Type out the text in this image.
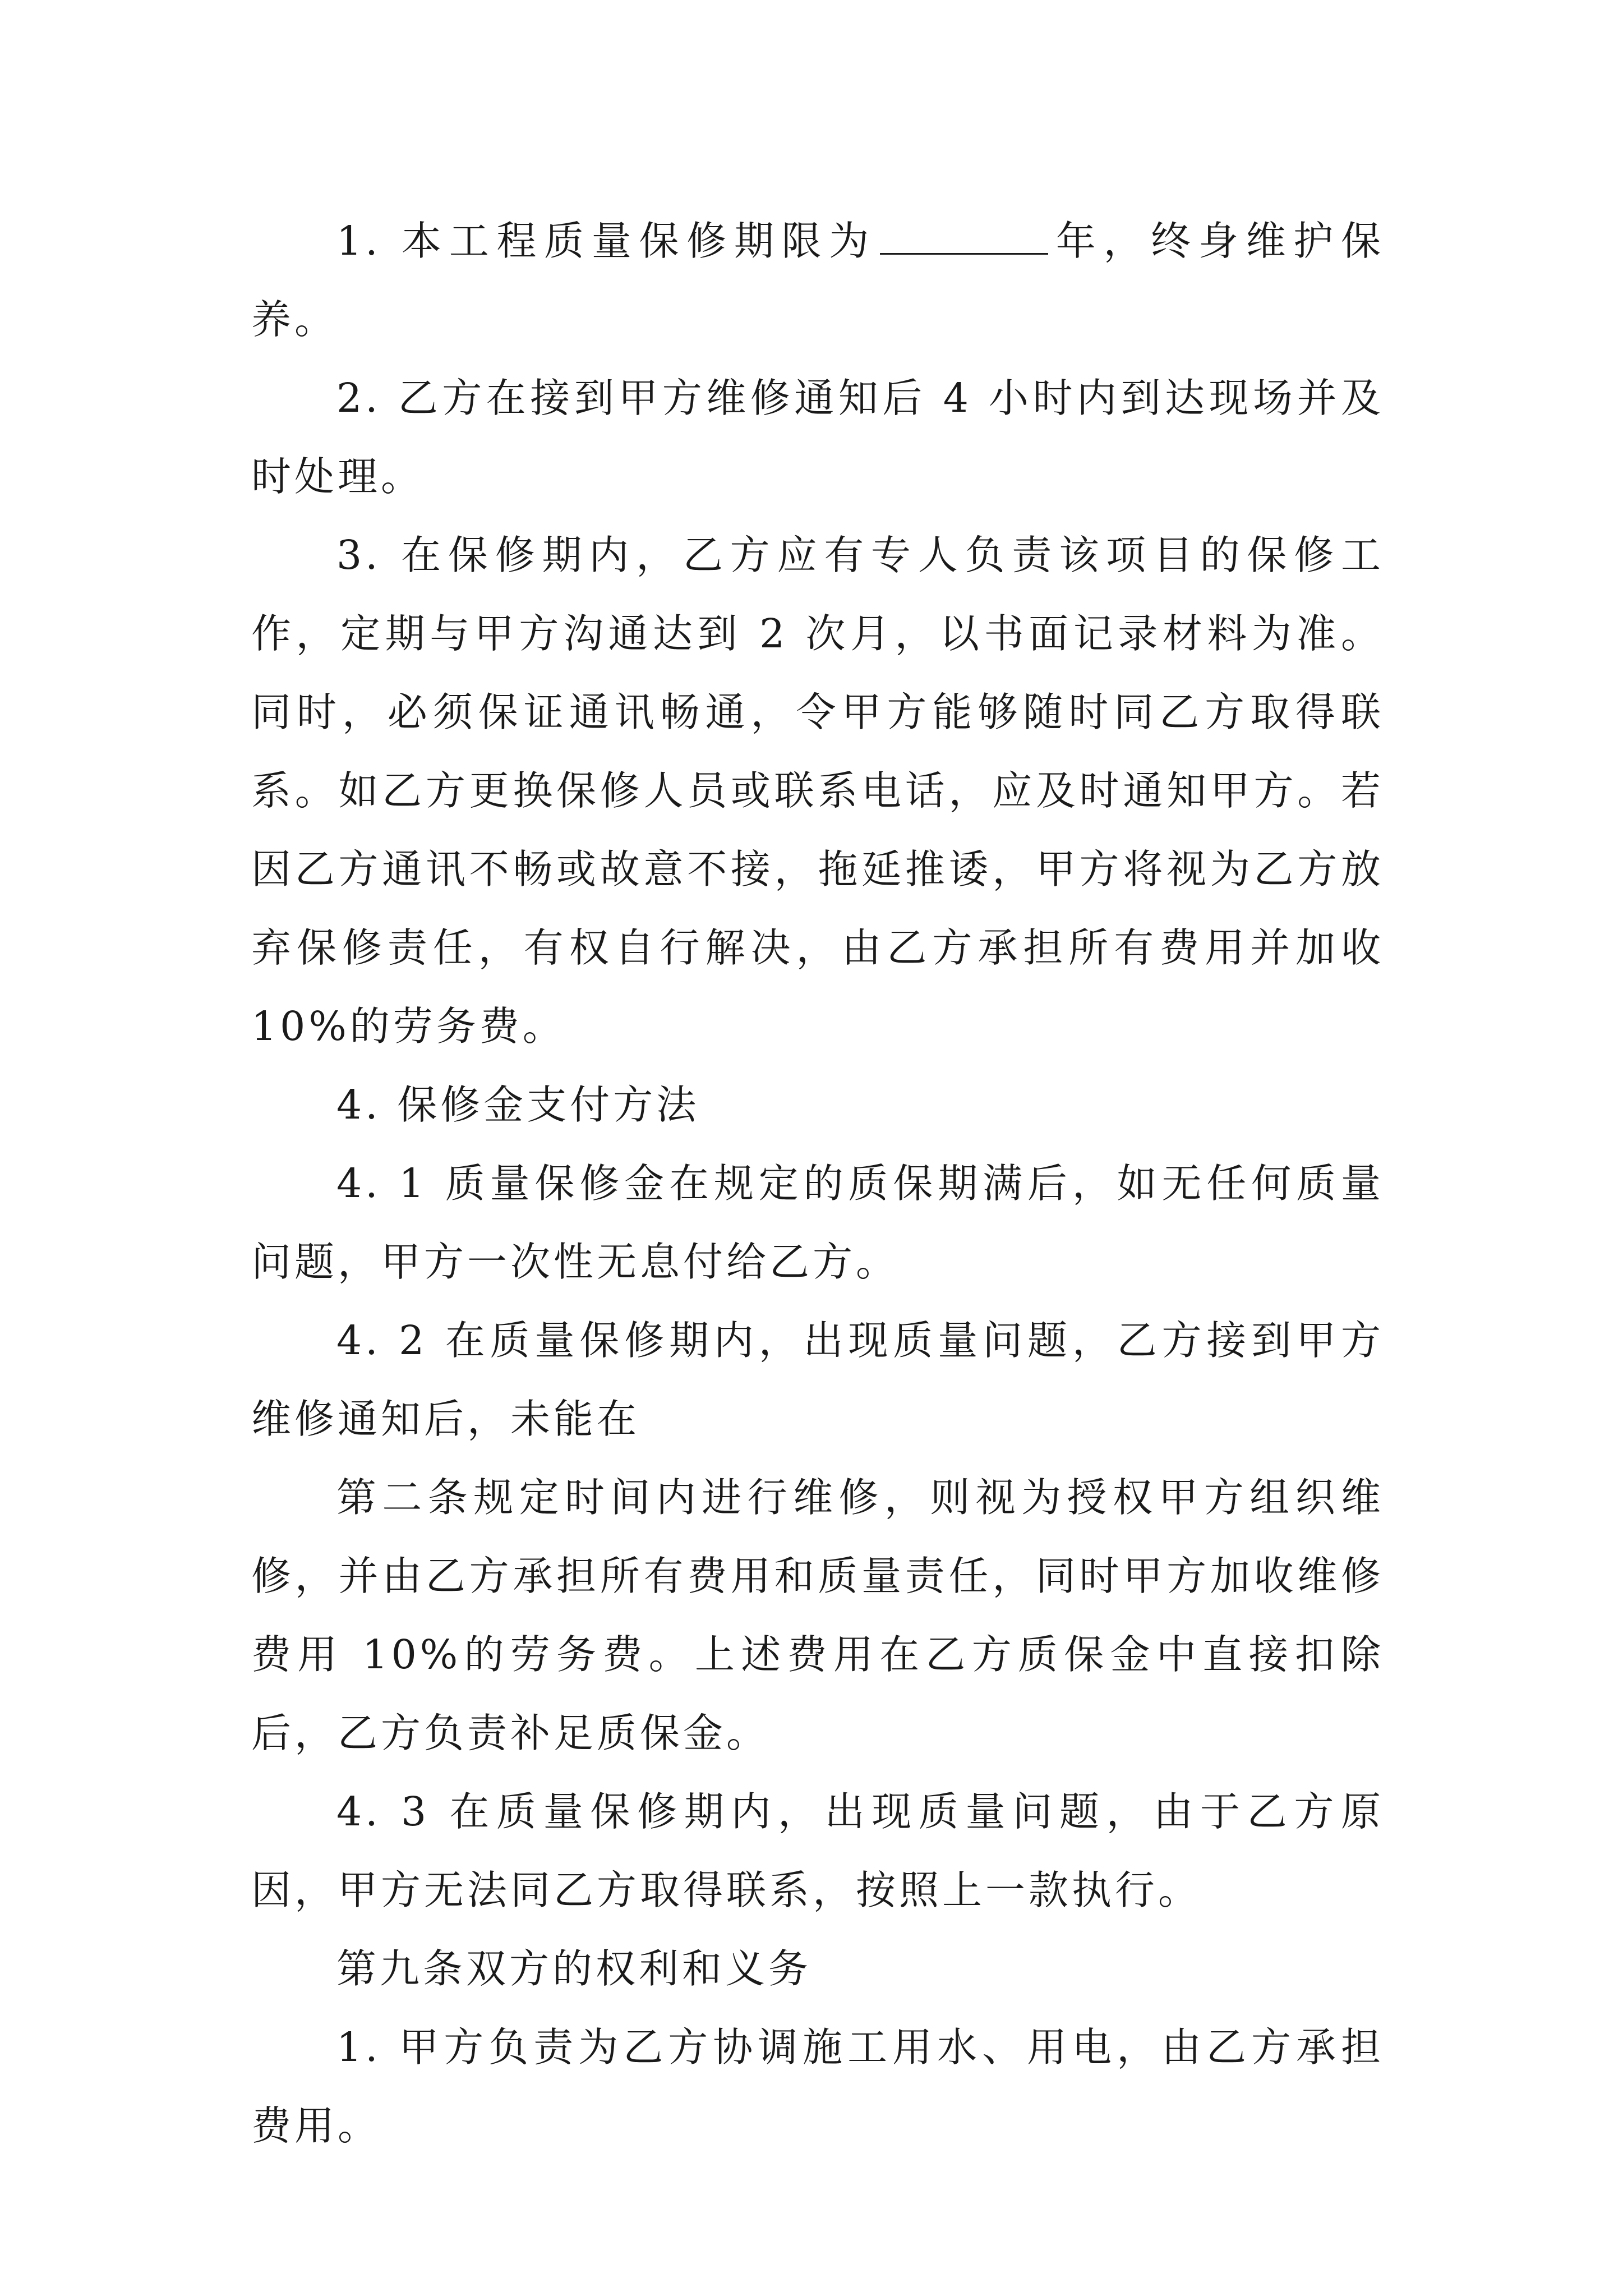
1. 本工程质量保修期限为	年，终身维护保养。

2. 乙方在接到甲方维修通知后 4 小时内到达现场并及时处理。

3. 在保修期内，乙方应有专人负责该项目的保修工作，定期与甲方沟通达到 2 次月，以书面记录材料为准。同时，必须保证通讯畅通，令甲方能够随时同乙方取得联系。如乙方更换保修人员或联系电话，应及时通知甲方。若因乙方通讯不畅或故意不接，拖延推诿，甲方将视为乙方放弃保修责任，有权自行解决，由乙方承担所有费用并加收 10%的劳务费。

4. 保修金支付方法

4. 1 质量保修金在规定的质保期满后，如无任何质量问题，甲方一次性无息付给乙方。

4. 2 在质量保修期内，出现质量问题，乙方接到甲方维修通知后，未能在

第二条规定时间内进行维修，则视为授权甲方组织维修，并由乙方承担所有费用和质量责任，同时甲方加收维修费用 10%的劳务费。上述费用在乙方质保金中直接扣除后，乙方负责补足质保金。

4. 3 在质量保修期内，出现质量问题，由于乙方原因，甲方无法同乙方取得联系，按照上一款执行。

第九条双方的权利和义务

1. 甲方负责为乙方协调施工用水、用电，由乙方承担费用。
